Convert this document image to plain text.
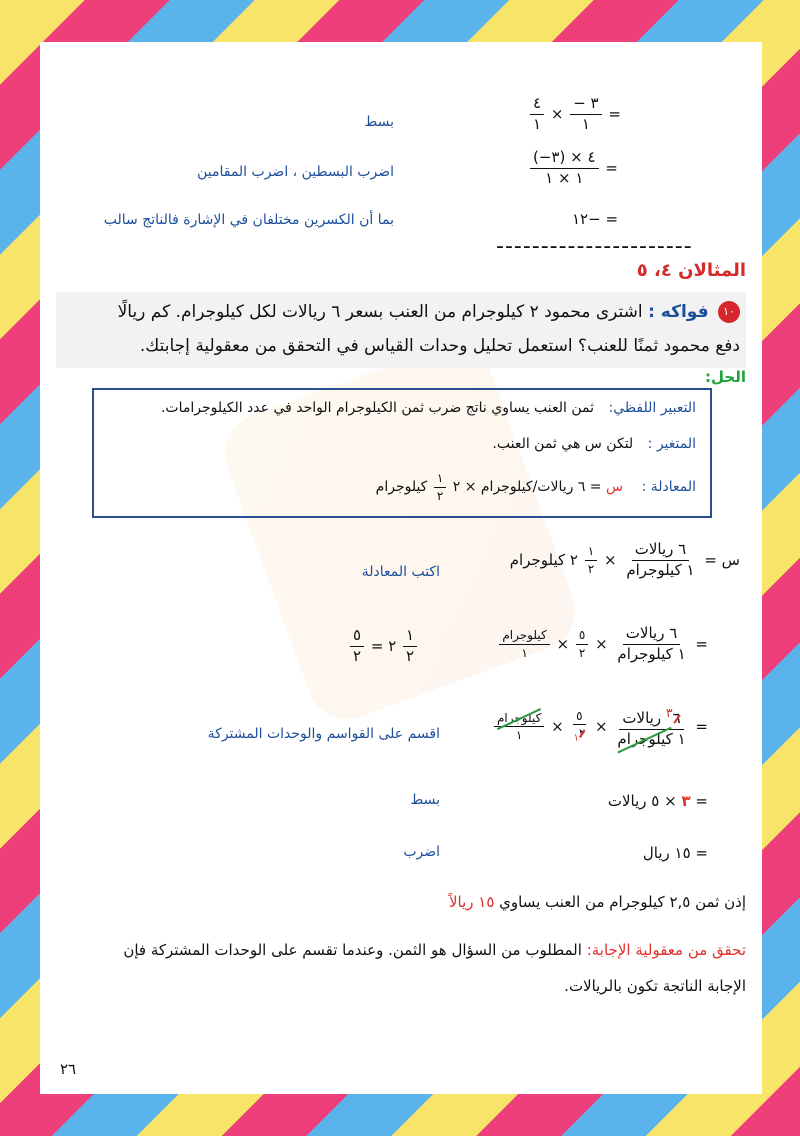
=
$\frac{٣ -}{١}$
×
$\frac{٤}{١}$
بسط
=
$\frac{٤ \times (٣-)}{١ \times ١}$
اضرب البسطين ، اضرب المقامين
= −١٢
بما أن الكسرين مختلفان في الإشارة فالناتج سالب
----------------------
المثالان ٤، ٥
١٠ فواكه : اشترى محمود ٢ كيلوجرام من العنب بسعر ٦ ريالات لكل كيلوجرام. كم ريالًا
دفع محمود ثمنًا للعنب؟ استعمل تحليل وحدات القياس في التحقق من معقولية إجابتك.
الحل:
التعبير اللفظي: ثمن العنب يساوي ناتج ضرب ثمن الكيلوجرام الواحد في عدد الكيلوجرامات.
المتغير : لتكن س هي ثمن العنب.
المعادلة : س = ٦ ريالات/كيلوجرام × ٢
$\frac{١}{٢}$
كيلوجرام
س =
$\frac{\text{٦ ريالات}}{\text{١ كيلوجرام}}$
×
$\frac{١}{٢}$
٢ كيلوجرام
اكتب المعادلة
=
$\frac{\text{٦ ريالات}}{\text{١ كيلوجرام}}$
×
$\frac{٥}{٢}$
×
$\frac{\text{كيلوجرام}}{١}$
$\frac{٥}{٢}$ = ٢ $\frac{١}{٢}$
=
$\frac{٦^٣ ريالات}{\text{١ كيلوجرام}}$
×
$\frac{٥}{٢_١}$
×
$\frac{\text{كيلوجرام}}{١}$
اقسم على القواسم والوحدات المشتركة
= ٣ × ٥ ريالات
بسط
= ١٥ ريال
اضرب
إذن ثمن ٢,٥ كيلوجرام من العنب يساوي ١٥ ريالاً
تحقق من معقولية الإجابة: المطلوب من السؤال هو الثمن. وعندما تقسم على الوحدات المشتركة فإن
الإجابة الناتجة تكون بالريالات.
٢٦
